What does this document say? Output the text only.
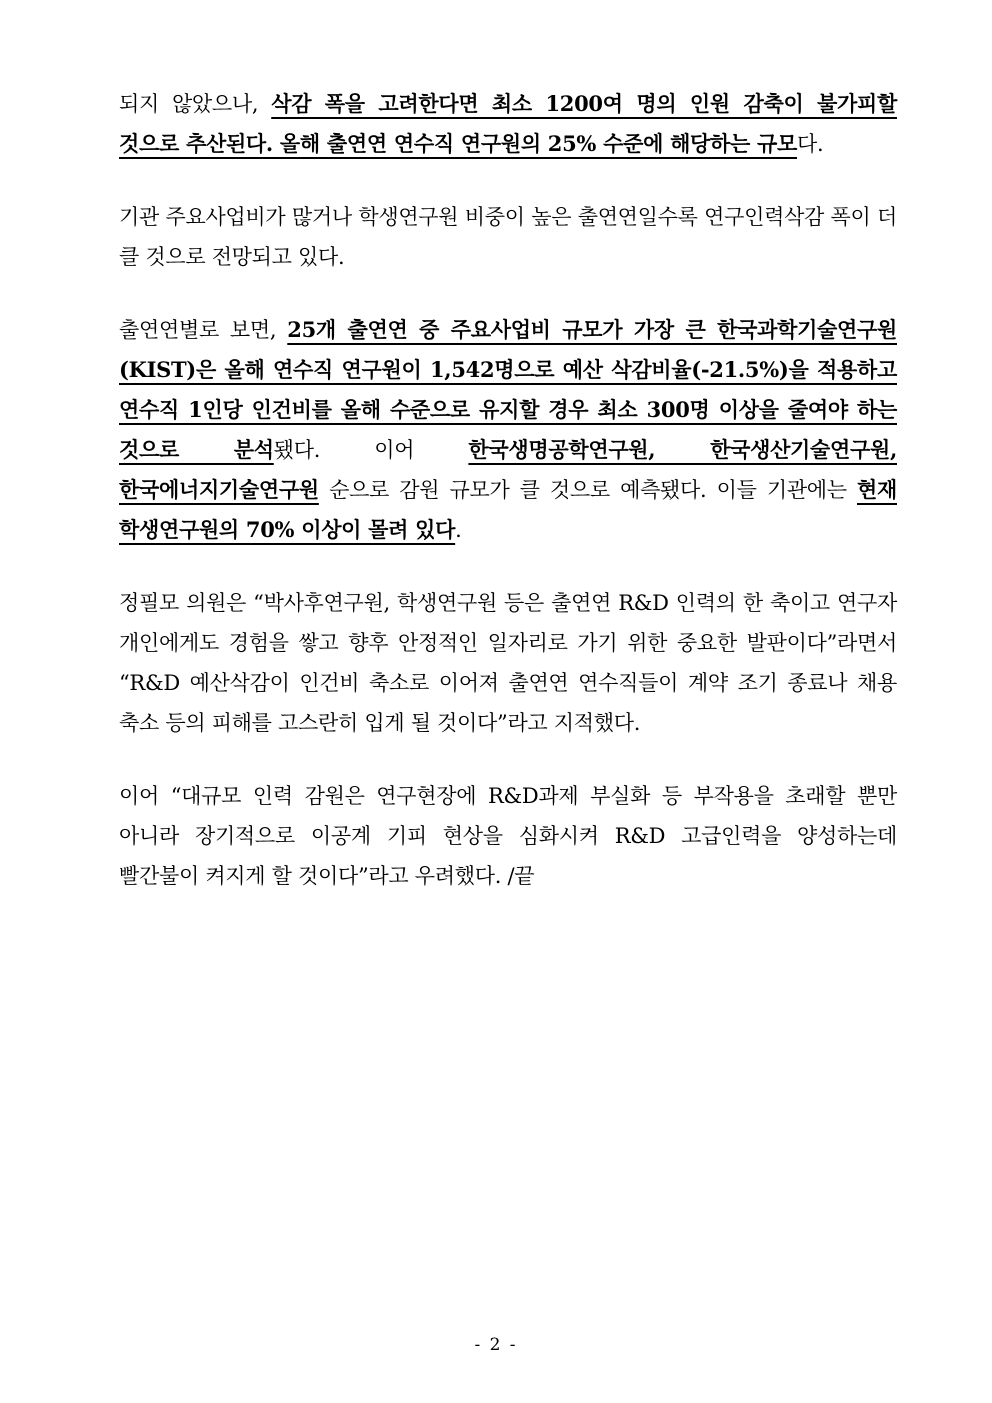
되지 않았으나, 삭감 폭을 고려한다면 최소 1200여 명의 인원 감축이 불가피할 것으로 추산된다. 올해 출연연 연수직 연구원의 25% 수준에 해당하는 규모다.

기관 주요사업비가 많거나 학생연구원 비중이 높은 출연연일수록 연구인력삭감 폭이 더 클 것으로 전망되고 있다.

출연연별로 보면, 25개 출연연 중 주요사업비 규모가 가장 큰 한국과학기술연구원(KIST)은 올해 연수직 연구원이 1,542명으로 예산 삭감비율(-21.5%)을 적용하고 연수직 1인당 인건비를 올해 수준으로 유지할 경우 최소 300명 이상을 줄여야 하는 것으로 분석됐다. 이어 한국생명공학연구원, 한국생산기술연구원, 한국에너지기술연구원 순으로 감원 규모가 클 것으로 예측됐다. 이들 기관에는 현재 학생연구원의 70% 이상이 몰려 있다.

정필모 의원은 “박사후연구원, 학생연구원 등은 출연연 R&D 인력의 한 축이고 연구자 개인에게도 경험을 쌓고 향후 안정적인 일자리로 가기 위한 중요한 발판이다”라면서 “R&D 예산삭감이 인건비 축소로 이어져 출연연 연수직들이 계약 조기 종료나 채용 축소 등의 피해를 고스란히 입게 될 것이다”라고 지적했다.

이어 “대규모 인력 감원은 연구현장에 R&D과제 부실화 등 부작용을 초래할 뿐만 아니라 장기적으로 이공계 기피 현상을 심화시켜 R&D 고급인력을 양성하는데 빨간불이 켜지게 할 것이다”라고 우려했다. /끝

- 2 -
